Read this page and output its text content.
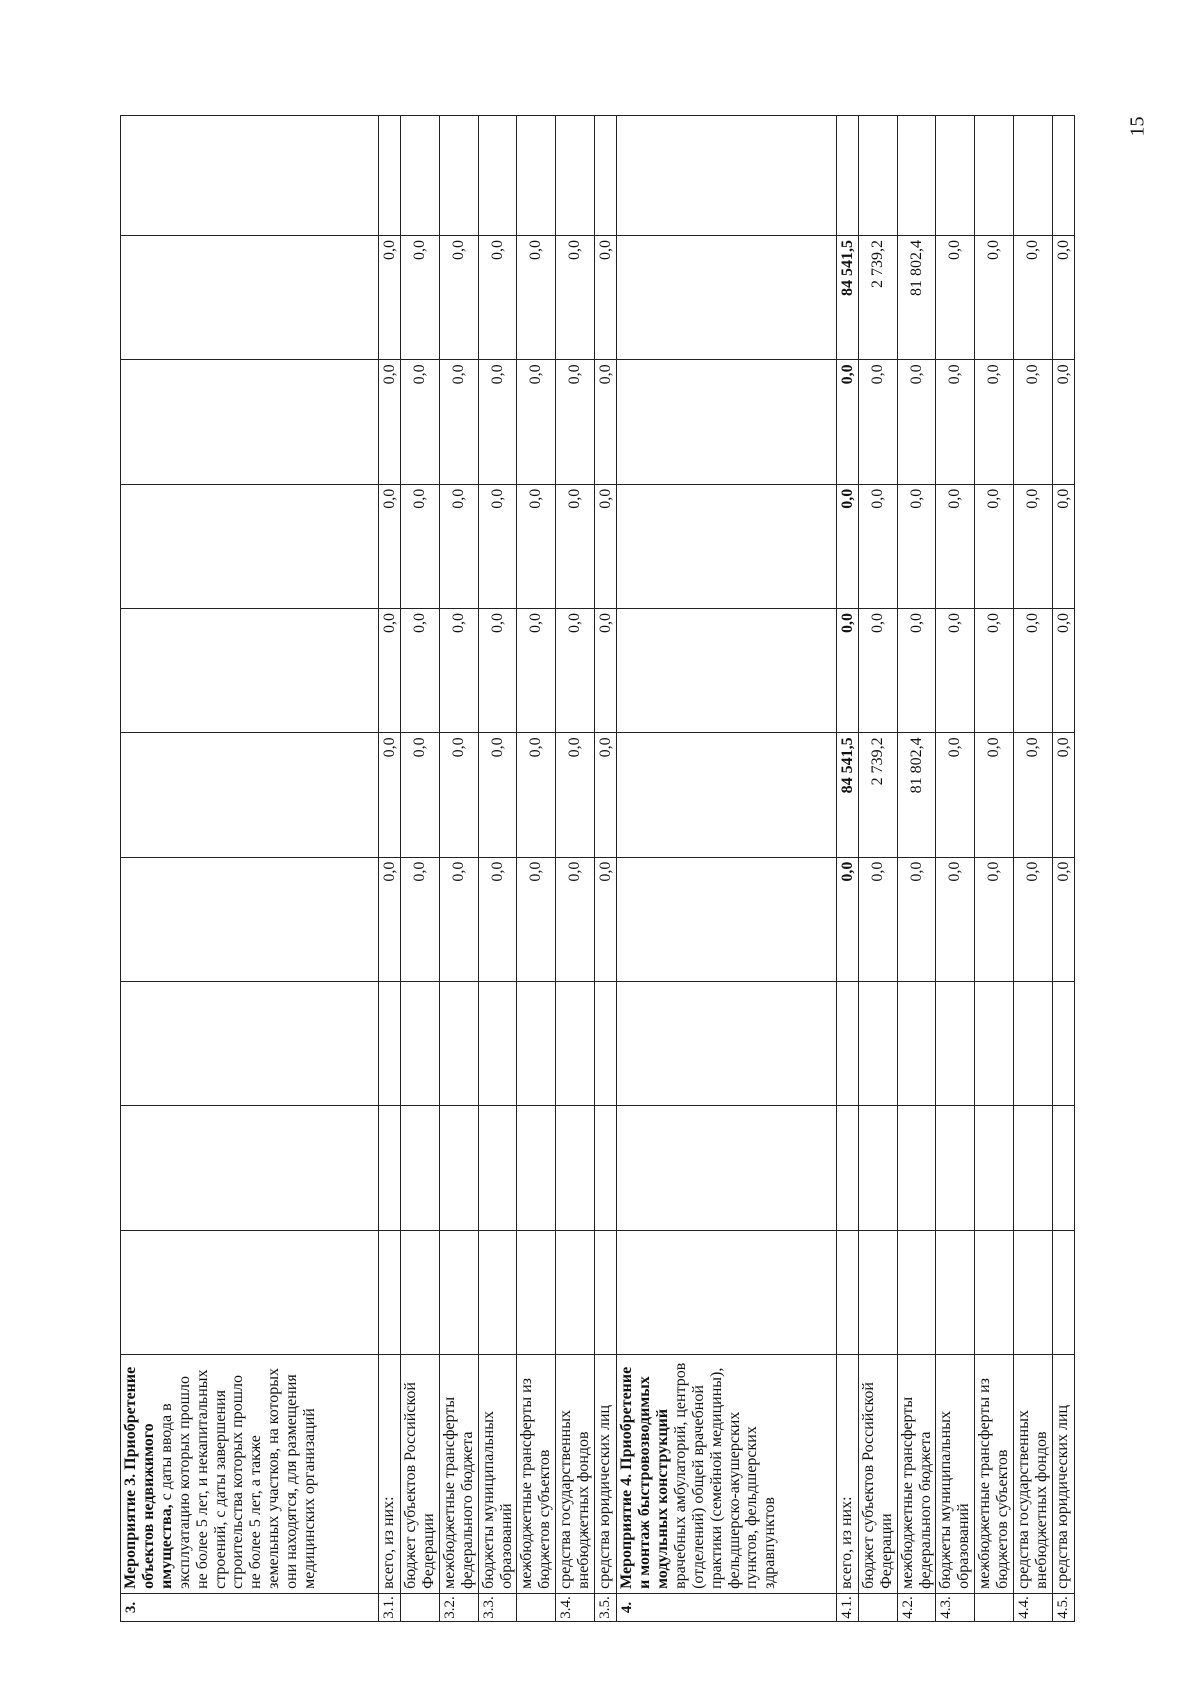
3.	Мероприятие 3. Приобретение объектов недвижимого имущества, с даты ввода в эксплуатацию которых прошло не более 5 лет, и некапитальных строений, с даты завершения строительства которых прошло не более 5 лет, а также земельных участков, на которых они находятся, для размещения медицинских организаций										
3.1.	всего, из них:				0,0	0,0	0,0	0,0	0,0	0,0	
	бюджет субъектов Российской Федерации				0,0	0,0	0,0	0,0	0,0	0,0	
3.2.	межбюджетные трансферты федерального бюджета				0,0	0,0	0,0	0,0	0,0	0,0	
3.3.	бюджеты муниципальных образований				0,0	0,0	0,0	0,0	0,0	0,0	
	межбюджетные трансферты из бюджетов субъектов				0,0	0,0	0,0	0,0	0,0	0,0	
3.4.	средства государственных внебюджетных фондов				0,0	0,0	0,0	0,0	0,0	0,0	
3.5.	средства юридических лиц				0,0	0,0	0,0	0,0	0,0	0,0	
4.	Мероприятие 4. Приобретение и монтаж быстровозводимых модульных конструкций врачебных амбулаторий, центров (отделений) общей врачебной практики (семейной медицины), фельдшерско-акушерских пунктов, фельдшерских здравпунктов										
4.1.	всего, из них:				0,0	84 541,5	0,0	0,0	0,0	84 541,5	
	бюджет субъектов Российской Федерации				0,0	2 739,2	0,0	0,0	0,0	2 739,2	
4.2.	межбюджетные трансферты федерального бюджета				0,0	81 802,4	0,0	0,0	0,0	81 802,4	
4.3.	бюджеты муниципальных образований				0,0	0,0	0,0	0,0	0,0	0,0	
	межбюджетные трансферты из бюджетов субъектов				0,0	0,0	0,0	0,0	0,0	0,0	
4.4.	средства государственных внебюджетных фондов				0,0	0,0	0,0	0,0	0,0	0,0	
4.5.	средства юридических лиц				0,0	0,0	0,0	0,0	0,0	0,0	
15
